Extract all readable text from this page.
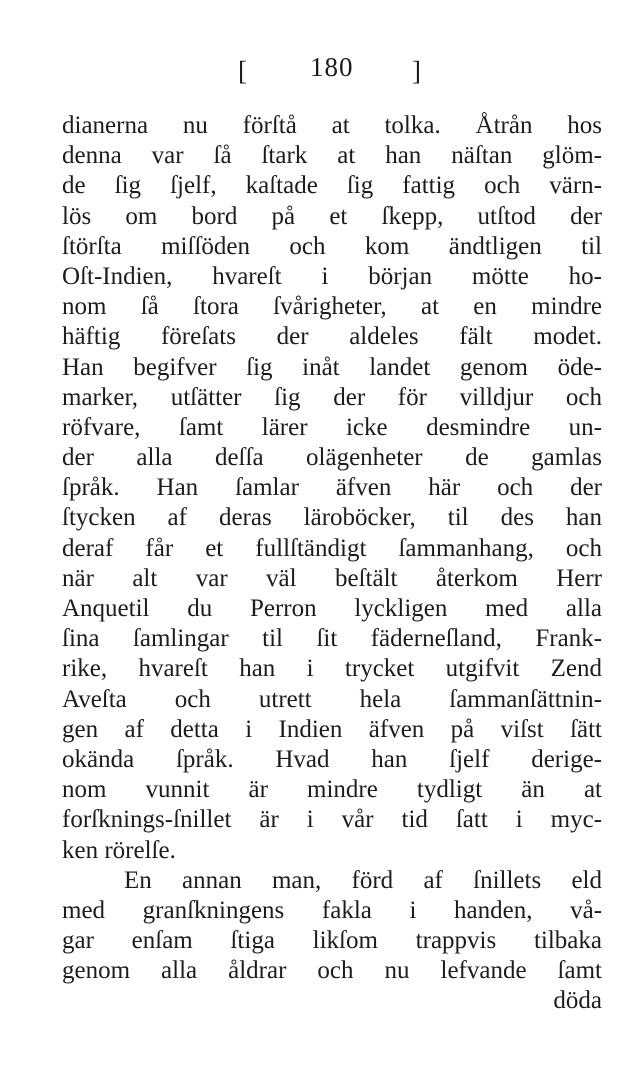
[ 180 ]
dianerna nu förſtå at tolka. Åtrån hos
denna var ſå ſtark at han näſtan glöm-
de ſig ſjelf, kaſtade ſig fattig och värn-
lös om bord på et ſkepp, utſtod der
ſtörſta miſſöden och kom ändtligen til
Oſt-Indien, hvareſt i början mötte ho-
nom ſå ſtora ſvårigheter, at en mindre
häftig föreſats der aldeles fält modet.
Han begifver ſig inåt landet genom öde-
marker, utſätter ſig der för villdjur och
röfvare, ſamt lärer icke desmindre un-
der alla deſſa olägenheter de gamlas
ſpråk. Han ſamlar äfven här och der
ſtycken af deras läroböcker, til des han
deraf får et fullſtändigt ſammanhang, och
när alt var väl beſtält återkom Herr
Anquetil du Perron lyckligen med alla
ſina ſamlingar til ſit fäderneſland, Frank-
rike, hvareſt han i trycket utgifvit Zend
Aveſta och utrett hela ſammanſättnin-
gen af detta i Indien äfven på viſst ſätt
okända ſpråk. Hvad han ſjelf derige-
nom vunnit är mindre tydligt än at
forſknings-ſnillet är i vår tid ſatt i myc-
ken rörelſe.
En annan man, förd af ſnillets eld
med granſkningens fakla i handen, vå-
gar enſam ſtiga likſom trappvis tilbaka
genom alla åldrar och nu lefvande ſamt
döda
